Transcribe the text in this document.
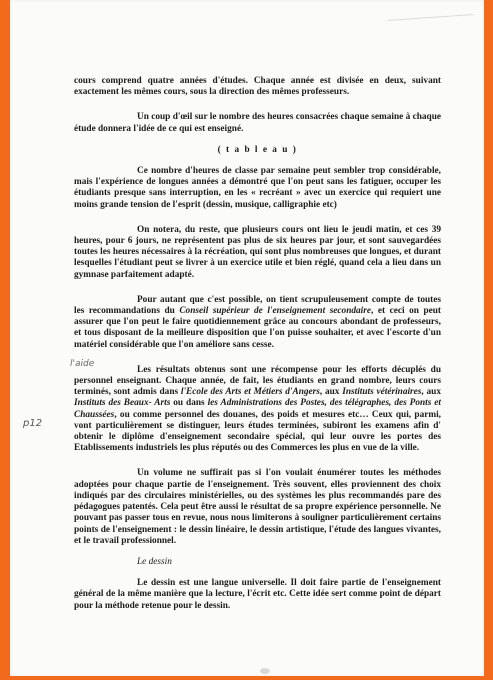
cours comprend quatre années d'études. Chaque année est divisée en deux, suivant exactement les mêmes cours, sous la direction des mêmes professeurs.

Un coup d'œil sur le nombre des heures consacrées chaque semaine à chaque étude donnera l'idée de ce qui est enseigné.

( t a b l e a u )

Ce nombre d'heures de classe par semaine peut sembler trop considérable, mais l'expérience de longues années a démontré que l'on peut sans les fatiguer, occuper les étudiants presque sans interruption, en les « recréant » avec un exercice qui requiert une moins grande tension de l'esprit (dessin, musique, calligraphie etc)

On notera, du reste, que plusieurs cours ont lieu le jeudi matin, et ces 39 heures, pour 6 jours, ne représentent pas plus de six heures par jour, et sont sauvegardées toutes les heures nécessaires à la récréation, qui sont plus nombreuses que longues, et durant lesquelles l'étudiant peut se livrer à un exercice utile et bien réglé, quand cela a lieu dans un gymnase parfaitement adapté.

Pour autant que c'est possible, on tient scrupuleusement compte de toutes les recommandations du Conseil supérieur de l'enseignement secondaire, et ceci on peut assurer que l'on peut le faire quotidiennement grâce au concours abondant de professeurs, et tous disposant de la meilleure disposition que l'on puisse souhaiter, et avec l'escorte d'un matériel considérable que l'on améliore sans cesse.

Les résultats obtenus sont une récompense pour les efforts décuplés du personnel enseignant. Chaque année, de fait, les étudiants en grand nombre, leurs cours terminés, sont admis dans l'Ecole des Arts et Métiers d'Angers, aux Instituts vétérinaires, aux Instituts des Beaux- Arts ou dans les Administrations des Postes, des télégraphes, des Ponts et Chaussées, ou comme personnel des douanes, des poids et mesures etc… Ceux qui, parmi, vont particulièrement se distinguer, leurs études terminées, subiront les examens afin d' obtenir le diplôme d'enseignement secondaire spécial, qui leur ouvre les portes des Etablissements industriels les plus réputés ou des Commerces les plus en vue de la ville.

Un volume ne suffirait pas si l'on voulait énumérer toutes les méthodes adoptées pour chaque partie de l'enseignement. Très souvent, elles proviennent des choix indiqués par des circulaires ministérielles, ou des systèmes les plus recommandés pare des pédagogues patentés. Cela peut être aussi le résultat de sa propre expérience personnelle. Ne pouvant pas passer tous en revue, nous nous limiterons à souligner particulièrement certains points de l'enseignement : le dessin linéaire, le dessin artistique, l'étude des langues vivantes, et le travail professionnel.

Le dessin

Le dessin est une langue universelle. Il doit faire partie de l'enseignement général de la même manière que la lecture, l'écrit etc. Cette idée sert comme point de départ pour la méthode retenue pour le dessin.

l'aide
p12
